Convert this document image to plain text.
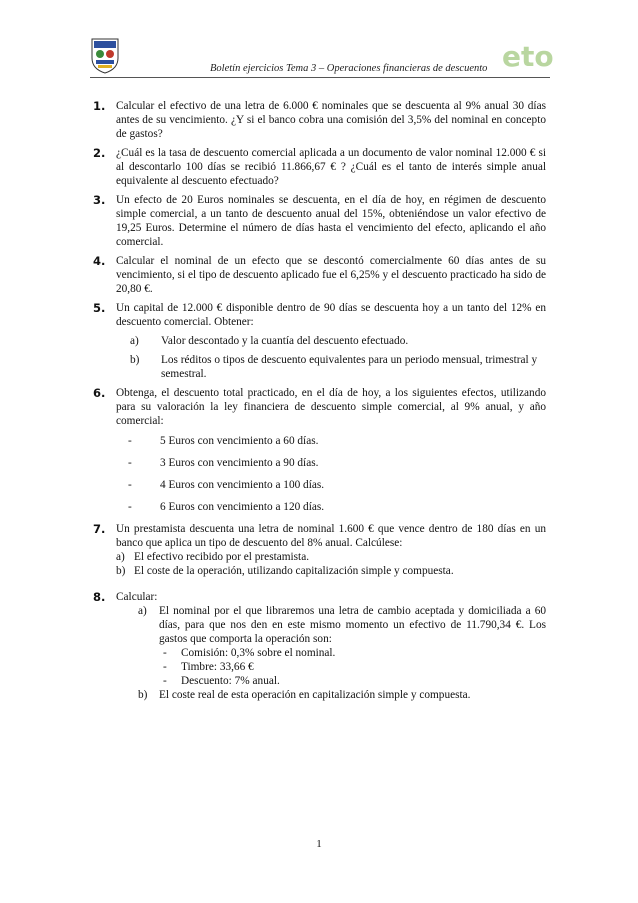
eto
Boletín ejercicios Tema 3 – Operaciones financieras de descuento
1. Calcular el efectivo de una letra de 6.000 € nominales que se descuenta al 9% anual 30 días antes de su vencimiento. ¿Y si el banco cobra una comisión del 3,5% del nominal en concepto de gastos?

2. ¿Cuál es la tasa de descuento comercial aplicada a un documento de valor nominal 12.000 € si al descontarlo 100 días se recibió 11.866,67 € ? ¿Cuál es el tanto de interés simple anual equivalente al descuento efectuado?

3. Un efecto de 20 Euros nominales se descuenta, en el día de hoy, en régimen de descuento simple comercial, a un tanto de descuento anual del 15%, obteniéndose un valor efectivo de 19,25 Euros. Determine el número de días hasta el vencimiento del efecto, aplicando el año comercial.

4. Calcular el nominal de un efecto que se descontó comercialmente 60 días antes de su vencimiento, si el tipo de descuento aplicado fue el 6,25% y el descuento practicado ha sido de 20,80 €.

5. Un capital de 12.000 € disponible dentro de 90 días se descuenta hoy a un tanto del 12% en descuento comercial. Obtener:

a) Valor descontado y la cuantía del descuento efectuado.
b) Los réditos o tipos de descuento equivalentes para un periodo mensual, trimestral y semestral.
6. Obtenga, el descuento total practicado, en el día de hoy, a los siguientes efectos, utilizando para su valoración la ley financiera de descuento simple comercial, al 9% anual, y año comercial:

- 5 Euros con vencimiento a 60 días.
- 3 Euros con vencimiento a 90 días.
- 4 Euros con vencimiento a 100 días.
- 6 Euros con vencimiento a 120 días.
7. Un prestamista descuenta una letra de nominal 1.600 € que vence dentro de 180 días en un banco que aplica un tipo de descuento del 8% anual. Calcúlese:

a) El efectivo recibido por el prestamista.
b) El coste de la operación, utilizando capitalización simple y compuesta.
8. Calcular:

a) El nominal por el que libraremos una letra de cambio aceptada y domiciliada a 60 días, para que nos den en este mismo momento un efectivo de 11.790,34 €. Los gastos que comporta la operación son:
- Comisión: 0,3% sobre el nominal.
- Timbre: 33,66 €
- Descuento: 7% anual.
b) El coste real de esta operación en capitalización simple y compuesta.
1
